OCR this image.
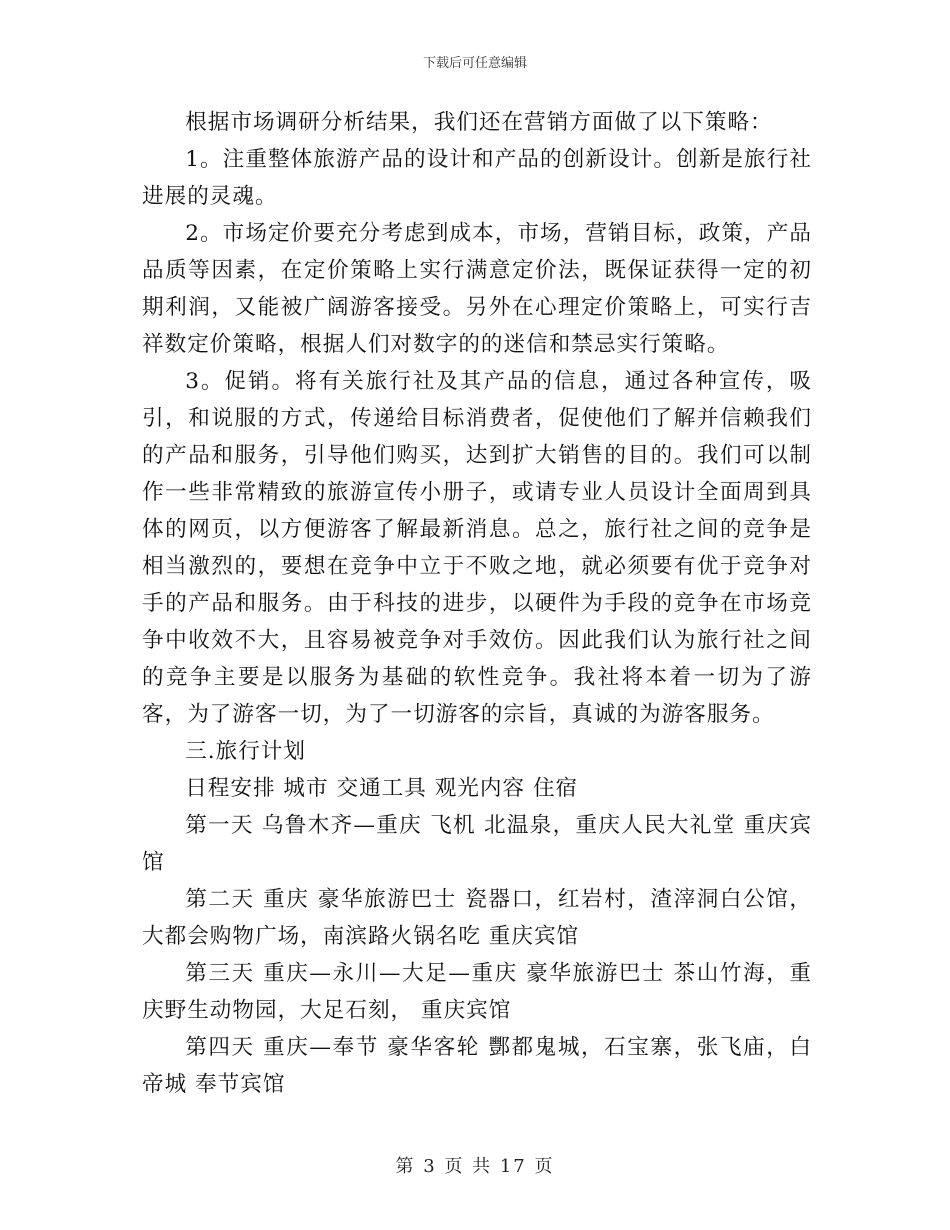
下载后可任意编辑

根据市场调研分析结果，我们还在营销方面做了以下策略：

1。注重整体旅游产品的设计和产品的创新设计。创新是旅行社进展的灵魂。

2。市场定价要充分考虑到成本，市场，营销目标，政策，产品品质等因素，在定价策略上实行满意定价法，既保证获得一定的初期利润，又能被广阔游客接受。另外在心理定价策略上，可实行吉祥数定价策略，根据人们对数字的的迷信和禁忌实行策略。

3。促销。将有关旅行社及其产品的信息，通过各种宣传，吸引，和说服的方式，传递给目标消费者，促使他们了解并信赖我们的产品和服务，引导他们购买，达到扩大销售的目的。我们可以制作一些非常精致的旅游宣传小册子，或请专业人员设计全面周到具体的网页，以方便游客了解最新消息。总之，旅行社之间的竞争是相当激烈的，要想在竞争中立于不败之地，就必须要有优于竞争对手的产品和服务。由于科技的进步，以硬件为手段的竞争在市场竞争中收效不大，且容易被竞争对手效仿。因此我们认为旅行社之间的竞争主要是以服务为基础的软性竞争。我社将本着一切为了游客，为了游客一切，为了一切游客的宗旨，真诚的为游客服务。

三.旅行计划

日程安排 城市 交通工具 观光内容 住宿

第一天 乌鲁木齐—重庆 飞机 北温泉，重庆人民大礼堂 重庆宾馆

第二天 重庆 豪华旅游巴士 瓷器口，红岩村，渣滓洞白公馆，大都会购物广场，南滨路火锅名吃 重庆宾馆

第三天 重庆—永川—大足—重庆 豪华旅游巴士 茶山竹海，重庆野生动物园，大足石刻， 重庆宾馆

第四天 重庆—奉节 豪华客轮 酆都鬼城，石宝寨，张飞庙，白帝城 奉节宾馆

第 3 页 共 17 页
